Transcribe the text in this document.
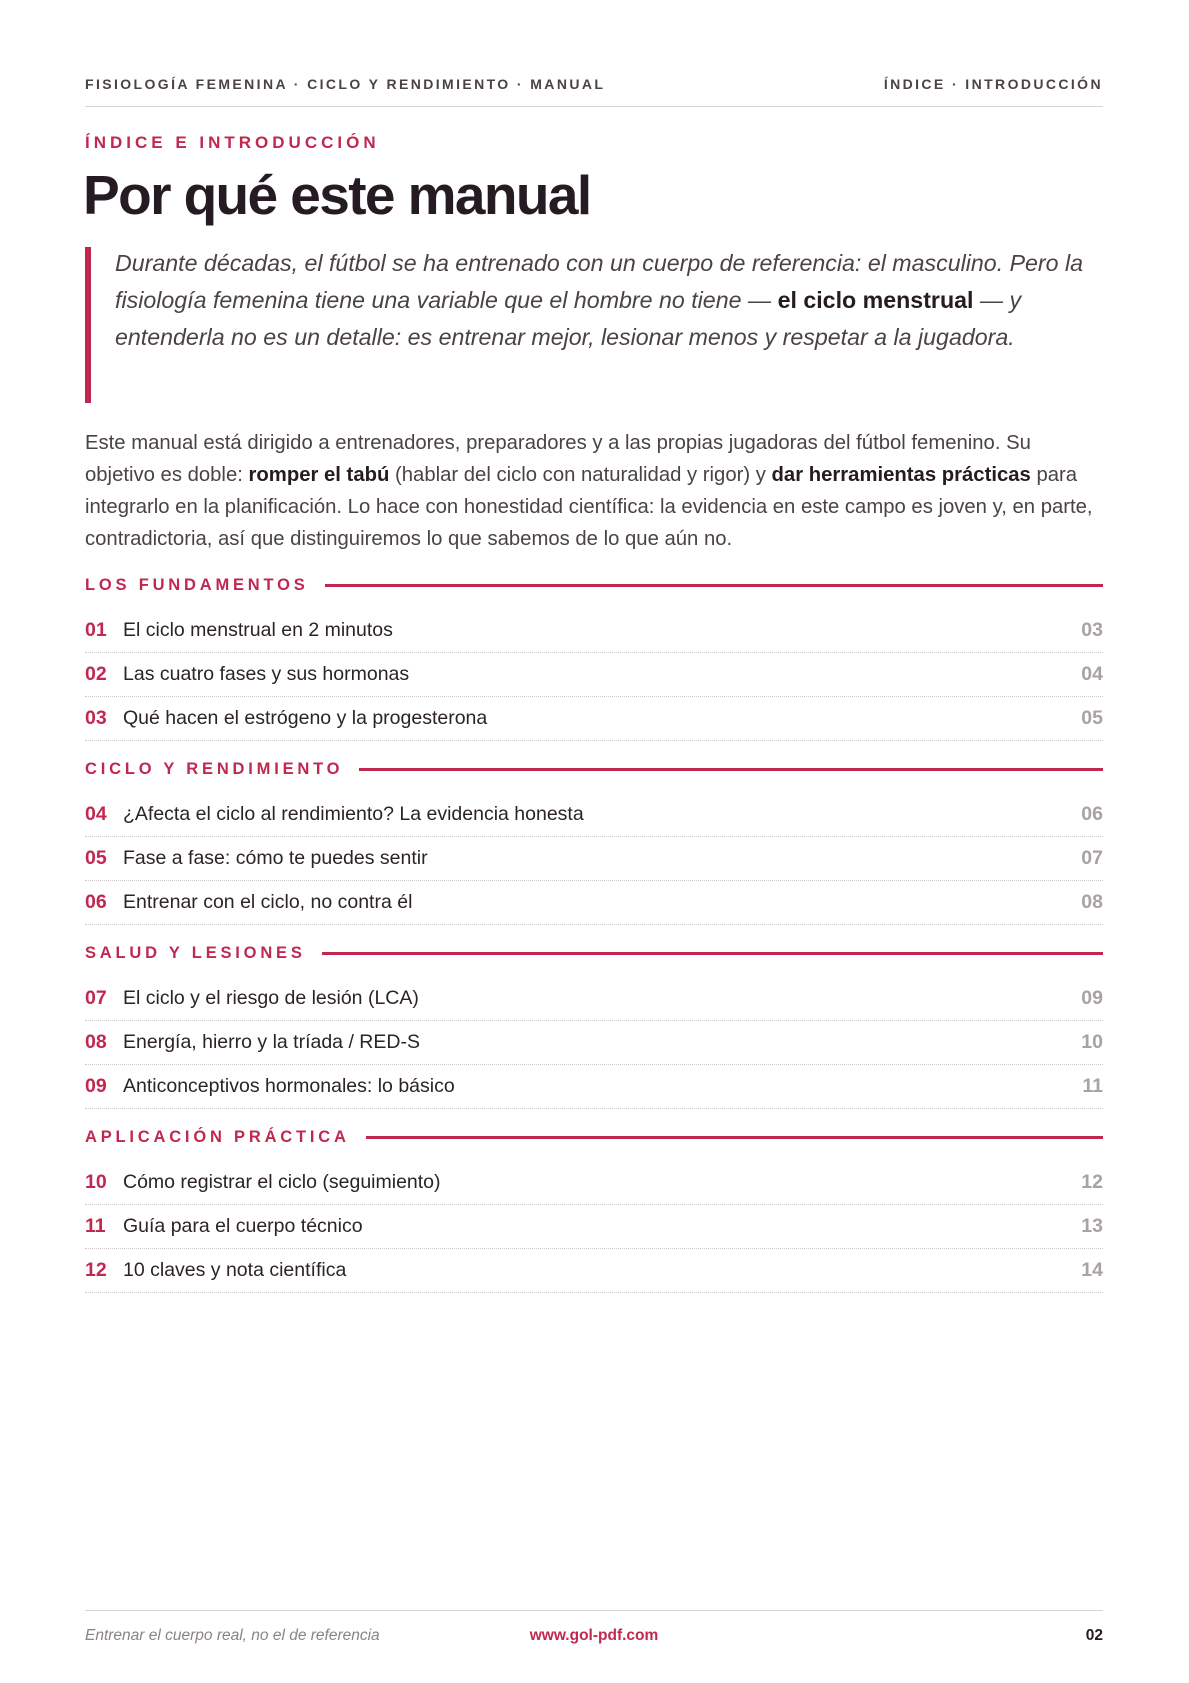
FISIOLOGÍA FEMENINA · CICLO Y RENDIMIENTO · MANUAL	ÍNDICE · INTRODUCCIÓN
ÍNDICE E INTRODUCCIÓN
Por qué este manual

Durante décadas, el fútbol se ha entrenado con un cuerpo de referencia: el masculino. Pero la fisiología femenina tiene una variable que el hombre no tiene — el ciclo menstrual — y entenderla no es un detalle: es entrenar mejor, lesionar menos y respetar a la jugadora.

Este manual está dirigido a entrenadores, preparadores y a las propias jugadoras del fútbol femenino. Su objetivo es doble: romper el tabú (hablar del ciclo con naturalidad y rigor) y dar herramientas prácticas para integrarlo en la planificación. Lo hace con honestidad científica: la evidencia en este campo es joven y, en parte, contradictoria, así que distinguiremos lo que sabemos de lo que aún no.

LOS FUNDAMENTOS
01 El ciclo menstrual en 2 minutos	03
02 Las cuatro fases y sus hormonas	04
03 Qué hacen el estrógeno y la progesterona	05
CICLO Y RENDIMIENTO
04 ¿Afecta el ciclo al rendimiento? La evidencia honesta	06
05 Fase a fase: cómo te puedes sentir	07
06 Entrenar con el ciclo, no contra él	08
SALUD Y LESIONES
07 El ciclo y el riesgo de lesión (LCA)	09
08 Energía, hierro y la tríada / RED-S	10
09 Anticonceptivos hormonales: lo básico	11
APLICACIÓN PRÁCTICA
10 Cómo registrar el ciclo (seguimiento)	12
11 Guía para el cuerpo técnico	13
12 10 claves y nota científica	14
Entrenar el cuerpo real, no el de referencia	www.gol-pdf.com	02
